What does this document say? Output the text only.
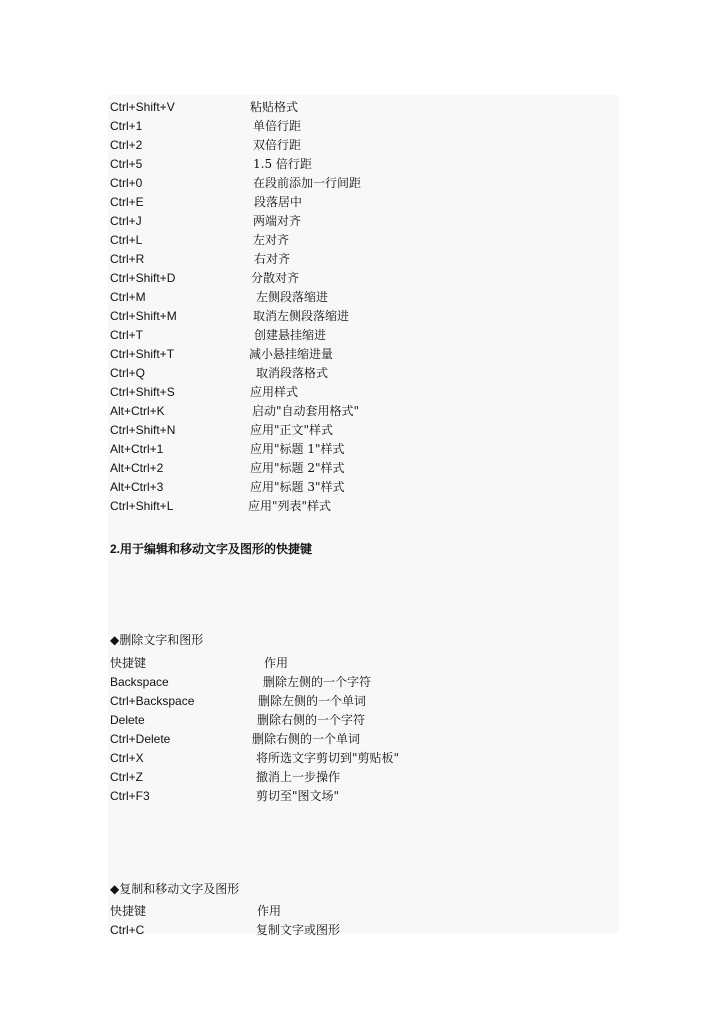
Ctrl+Shift+V	粘贴格式
Ctrl+1	单倍行距
Ctrl+2	双倍行距
Ctrl+5	1.5 倍行距
Ctrl+0	在段前添加一行间距
Ctrl+E	段落居中
Ctrl+J	两端对齐
Ctrl+L	左对齐
Ctrl+R	右对齐
Ctrl+Shift+D	分散对齐
Ctrl+M	左侧段落缩进
Ctrl+Shift+M	取消左侧段落缩进
Ctrl+T	创建悬挂缩进
Ctrl+Shift+T	减小悬挂缩进量
Ctrl+Q	取消段落格式
Ctrl+Shift+S	应用样式
Alt+Ctrl+K	启动"自动套用格式"
Ctrl+Shift+N	应用"正文"样式
Alt+Ctrl+1	应用"标题 1"样式
Alt+Ctrl+2	应用"标题 2"样式
Alt+Ctrl+3	应用"标题 3"样式
Ctrl+Shift+L	应用"列表"样式
2.用于编辑和移动文字及图形的快捷键
◆删除文字和图形
快捷键	作用
Backspace	删除左侧的一个字符
Ctrl+Backspace	删除左侧的一个单词
Delete	删除右侧的一个字符
Ctrl+Delete	删除右侧的一个单词
Ctrl+X	将所选文字剪切到"剪贴板"
Ctrl+Z	撤消上一步操作
Ctrl+F3	剪切至"图文场"
◆复制和移动文字及图形
快捷键	作用
Ctrl+C	复制文字或图形
